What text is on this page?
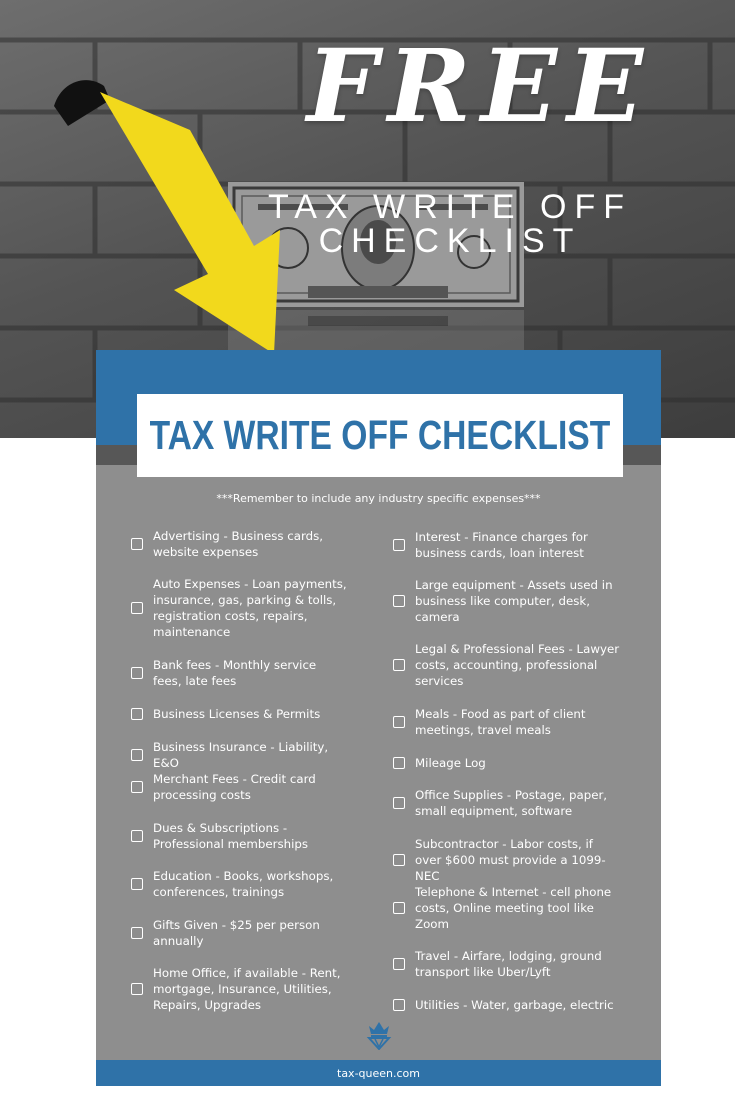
FREE
TAX WRITE OFF
CHECKLIST
TAX WRITE OFF CHECKLIST
***Remember to include any industry specific expenses***
Advertising - Business cards, website expenses
Auto Expenses - Loan payments, insurance, gas, parking & tolls, registration costs, repairs, maintenance
Bank fees - Monthly service fees, late fees
Business Licenses & Permits
Business Insurance - Liability, E&O
Merchant Fees - Credit card processing costs
Dues & Subscriptions - Professional memberships
Education - Books, workshops, conferences, trainings
Gifts Given - $25 per person annually
Home Office, if available - Rent, mortgage, Insurance, Utilities, Repairs, Upgrades
Interest - Finance charges for business cards, loan interest
Large equipment - Assets used in business like computer, desk, camera
Legal & Professional Fees - Lawyer costs, accounting, professional services
Meals - Food as part of client meetings, travel meals
Mileage Log
Office Supplies - Postage, paper, small equipment, software
Subcontractor - Labor costs, if over $600 must provide a 1099-NEC
Telephone & Internet - cell phone costs, Online meeting tool like Zoom
Travel - Airfare, lodging, ground transport like Uber/Lyft
Utilities - Water, garbage, electric
tax-queen.com
